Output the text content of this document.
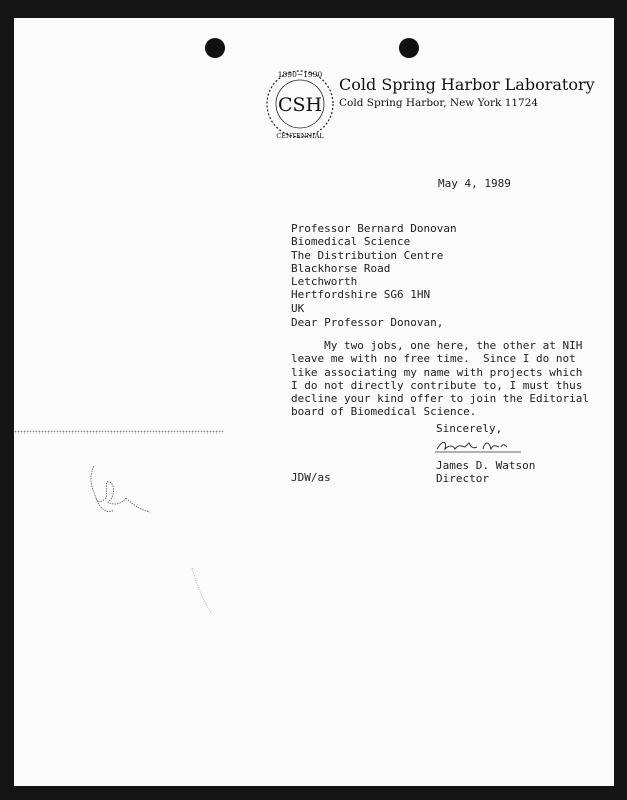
1890~1990
CSH
CENTENNIAL
Cold Spring Harbor Laboratory
Cold Spring Harbor, New York 11724
May 4, 1989
Professor Bernard Donovan
Biomedical Science
The Distribution Centre
Blackhorse Road
Letchworth
Hertfordshire SG6 1HN
UK
Dear Professor Donovan,
My two jobs, one here, the other at NIH
leave me with no free time.  Since I do not
like associating my name with projects which
I do not directly contribute to, I must thus
decline your kind offer to join the Editorial
board of Biomedical Science.
Sincerely,
James D. Watson
Director
JDW/as
